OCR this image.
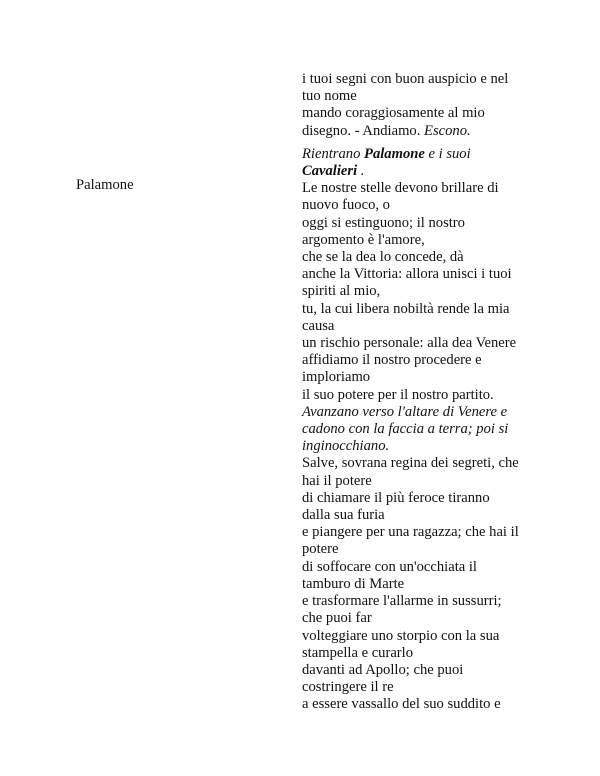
Palamone
i tuoi segni con buon auspicio e nel
tuo nome
mando coraggiosamente al mio
disegno. - Andiamo. Escono.
Rientrano Palamone e i suoi
Cavalieri .
Le nostre stelle devono brillare di
nuovo fuoco, o
oggi si estinguono; il nostro
argomento è l'amore,
che se la dea lo concede, dà
anche la Vittoria: allora unisci i tuoi
spiriti al mio,
tu, la cui libera nobiltà rende la mia
causa
un rischio personale: alla dea Venere
affidiamo il nostro procedere e
imploriamo
il suo potere per il nostro partito.
Avanzano verso l'altare di Venere e
cadono con la faccia a terra; poi si
inginocchiano.
Salve, sovrana regina dei segreti, che
hai il potere
di chiamare il più feroce tiranno
dalla sua furia
e piangere per una ragazza; che hai il
potere
di soffocare con un'occhiata il
tamburo di Marte
e trasformare l'allarme in sussurri;
che puoi far
volteggiare uno storpio con la sua
stampella e curarlo
davanti ad Apollo; che puoi
costringere il re
a essere vassallo del suo suddito e
